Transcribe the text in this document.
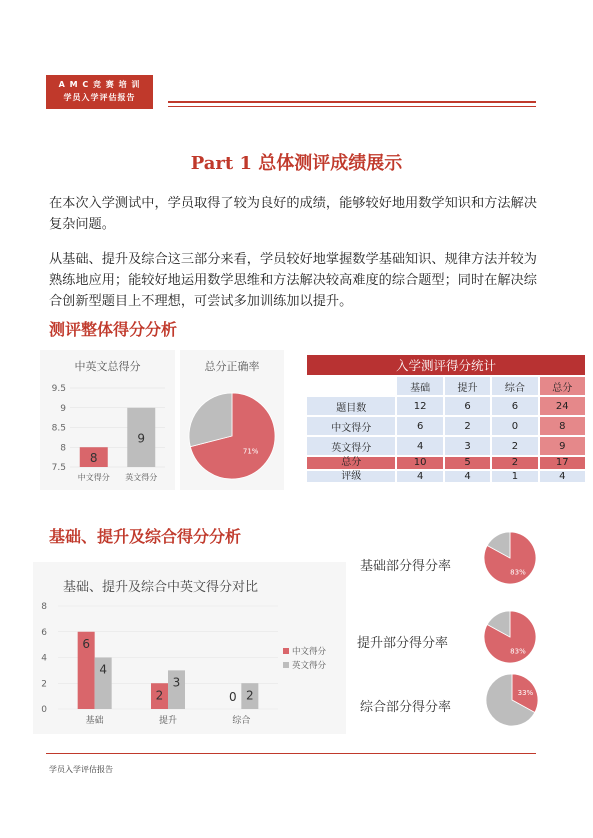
A M C 竞 赛 培 训
学员入学评估报告
Part 1 总体测评成绩展示
在本次入学测试中，学员取得了较为良好的成绩，能够较好地用数学知识和方法解决复杂问题。
从基础、提升及综合这三部分来看，学员较好地掌握数学基础知识、规律方法并较为熟练地应用；能较好地运用数学思维和方法解决较高难度的综合题型；同时在解决综合创新型题目上不理想，可尝试多加训练加以提升。
测评整体得分分析
中英文总得分
7.5
8
8.5
9
9.5
8
中文得分
9
英文得分
总分正确率
71%
入学测评得分统计				
	基础	提升	综合	总分
题目数	12	6	6	24
中文得分	6	2	0	8
英文得分	4	3	2	9
总分	10	5	2	17
评级	4	4	1	4
基础、提升及综合得分分析
基础、提升及综合中英文得分对比
0
2
4
6
8
6
4
基础
2
3
提升
0 2
综合
中文得分
英文得分
基础部分得分率	83%
提升部分得分率
83%
综合部分得分率
33%
学员入学评估报告
